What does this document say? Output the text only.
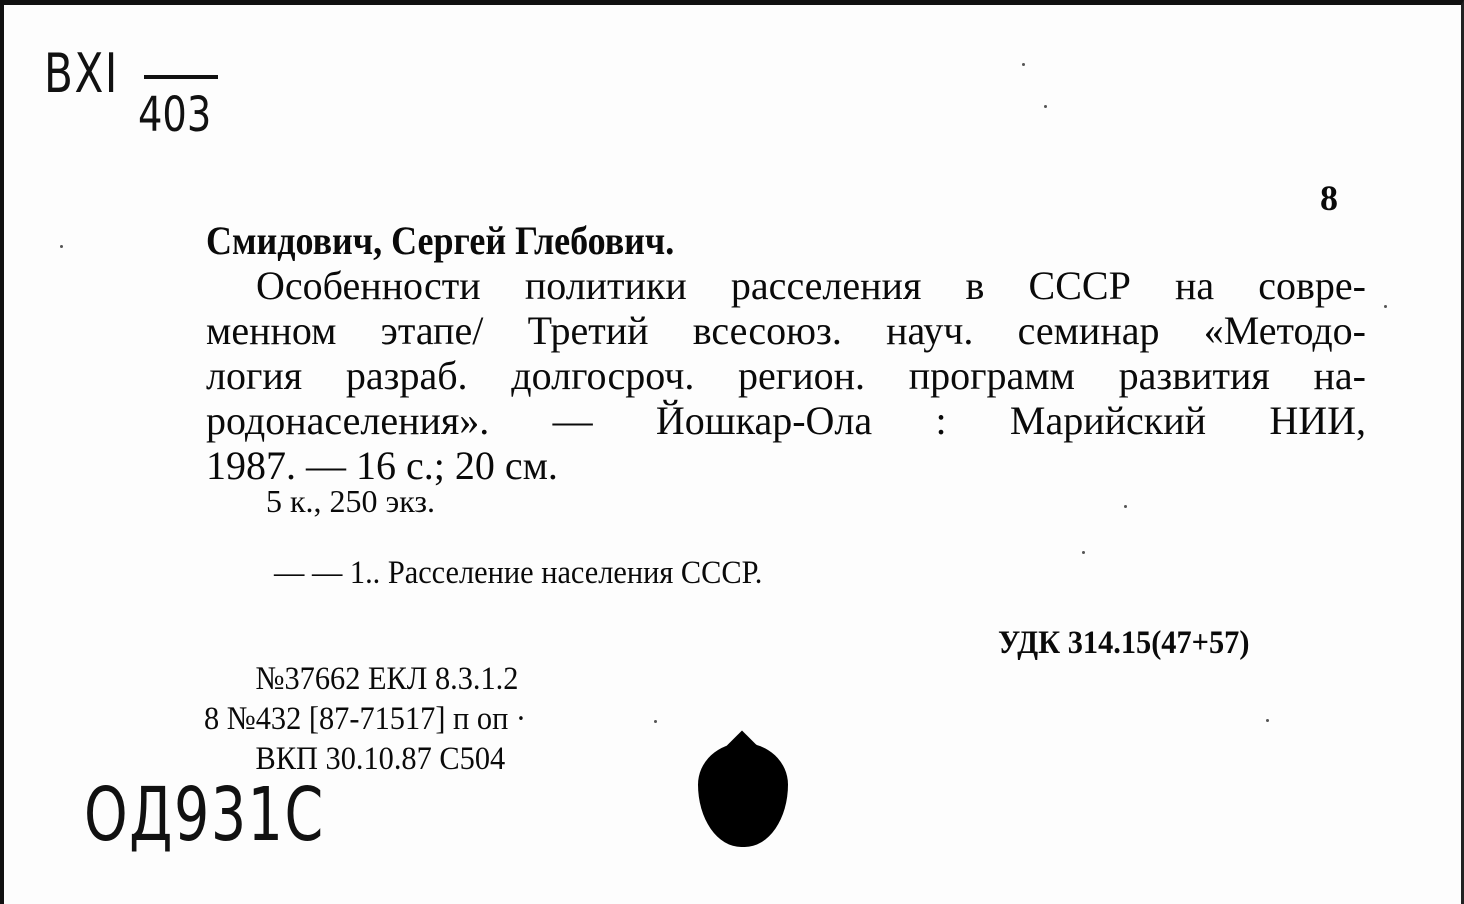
ВХI
403
8
Смидович, Сергей Глебович.
Особенности политики расселения в СССР на совре-
менном этапе/ Третий всесоюз. науч. семинар «Методо-
логия разраб. долгосроч. регион. программ развития на-
родонаселения». — Йошкар-Ола : Марийский НИИ,
1987. — 16 с.; 20 см.
5 к., 250 экз.
— — 1.. Расселение населения СССР.
УДК 314.15(47+57)
№37662 ЕКЛ 8.3.1.2
8 №432 [87-71517] п оп ·
ВКП 30.10.87 С504
ОД931С
